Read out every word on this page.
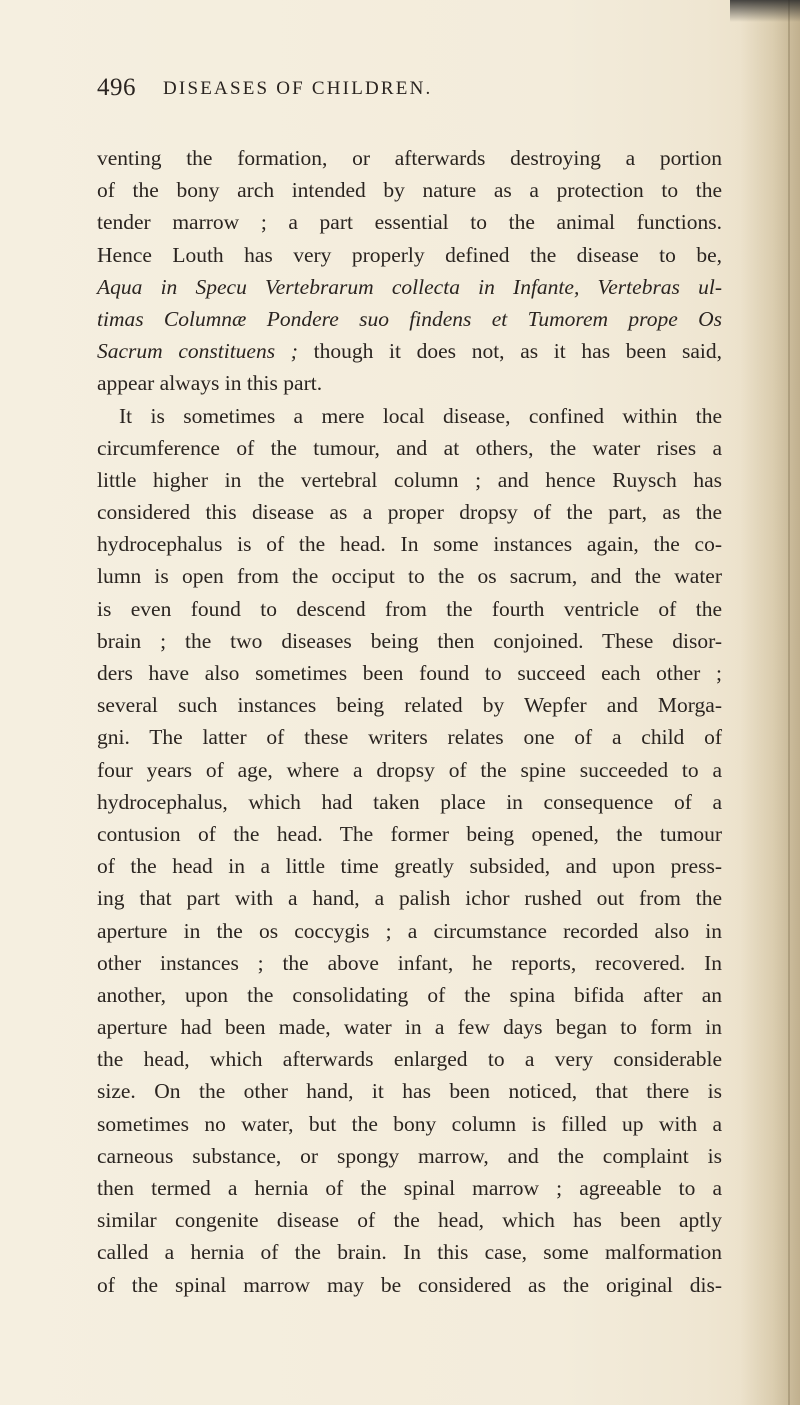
496 DISEASES OF CHILDREN.
venting the formation, or afterwards destroying a portion
of the bony arch intended by nature as a protection to the
tender marrow ; a part essential to the animal functions.
Hence Louth has very properly defined the disease to be,
Aqua in Specu Vertebrarum collecta in Infante, Vertebras ul-
timas Columnæ Pondere suo findens et Tumorem prope Os
Sacrum constituens ; though it does not, as it has been said,
appear always in this part.
It is sometimes a mere local disease, confined within the
circumference of the tumour, and at others, the water rises a
little higher in the vertebral column ; and hence Ruysch has
considered this disease as a proper dropsy of the part, as the
hydrocephalus is of the head. In some instances again, the co-
lumn is open from the occiput to the os sacrum, and the water
is even found to descend from the fourth ventricle of the
brain ; the two diseases being then conjoined. These disor-
ders have also sometimes been found to succeed each other ;
several such instances being related by Wepfer and Morga-
gni. The latter of these writers relates one of a child of
four years of age, where a dropsy of the spine succeeded to a
hydrocephalus, which had taken place in consequence of a
contusion of the head. The former being opened, the tumour
of the head in a little time greatly subsided, and upon press-
ing that part with a hand, a palish ichor rushed out from the
aperture in the os coccygis ; a circumstance recorded also in
other instances ; the above infant, he reports, recovered. In
another, upon the consolidating of the spina bifida after an
aperture had been made, water in a few days began to form in
the head, which afterwards enlarged to a very considerable
size. On the other hand, it has been noticed, that there is
sometimes no water, but the bony column is filled up with a
carneous substance, or spongy marrow, and the complaint is
then termed a hernia of the spinal marrow ; agreeable to a
similar congenite disease of the head, which has been aptly
called a hernia of the brain. In this case, some malformation
of the spinal marrow may be considered as the original dis-
